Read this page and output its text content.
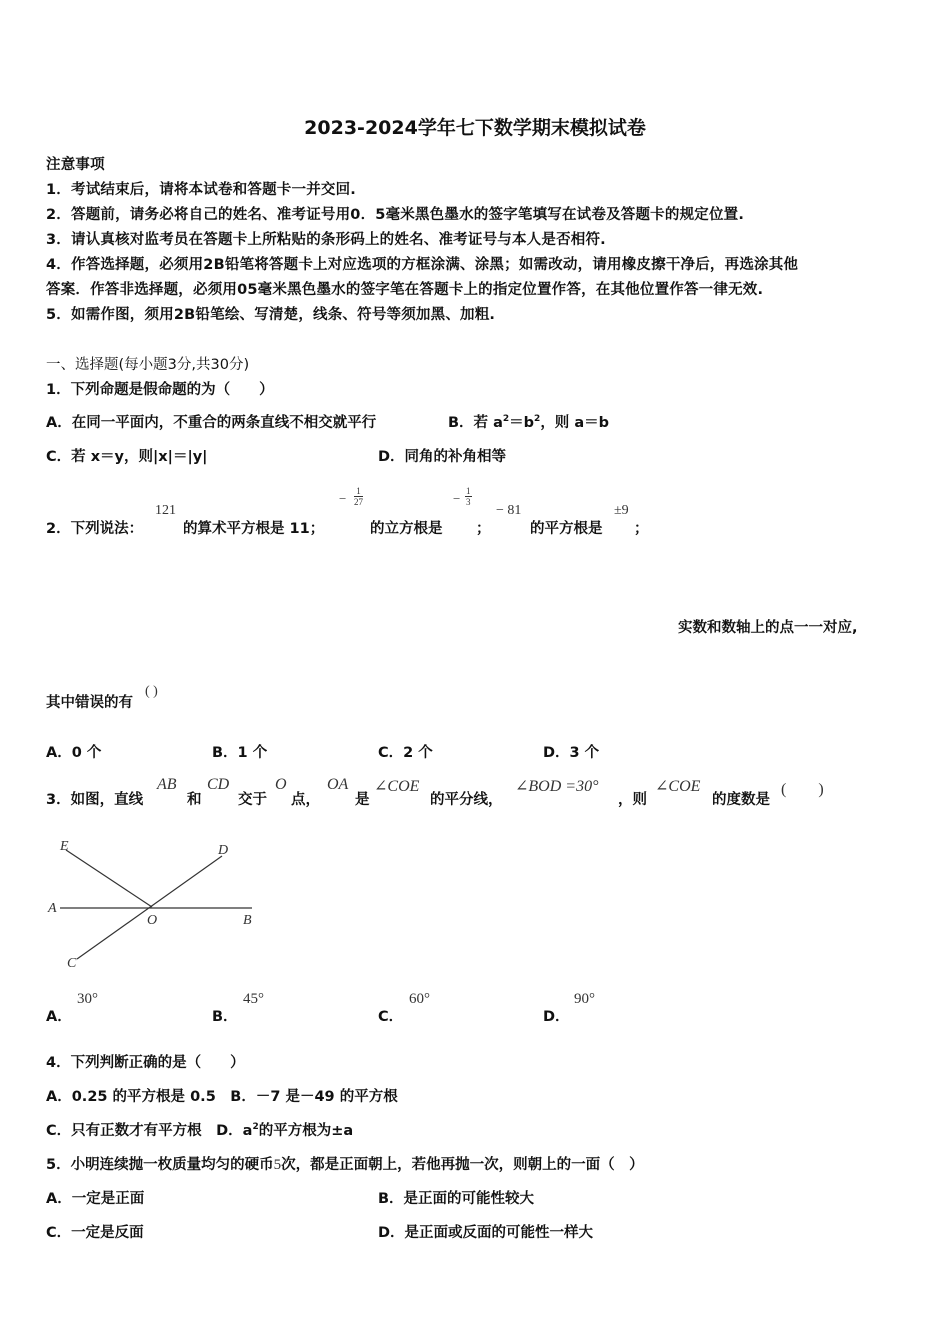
2023-2024学年七下数学期末模拟试卷
注意事项
1．考试结束后，请将本试卷和答题卡一并交回.
2．答题前，请务必将自己的姓名、准考证号用0．5毫米黑色墨水的签字笔填写在试卷及答题卡的规定位置.
3．请认真核对监考员在答题卡上所粘贴的条形码上的姓名、准考证号与本人是否相符.
4．作答选择题，必须用2B铅笔将答题卡上对应选项的方框涂满、涂黑；如需改动，请用橡皮擦干净后，再选涂其他
答案．作答非选择题，必须用05毫米黑色墨水的签字笔在答题卡上的指定位置作答，在其他位置作答一律无效.
5．如需作图，须用2B铅笔绘、写清楚，线条、符号等须加黑、加粗.
一、选择题(每小题3分,共30分)
1．下列命题是假命题的为（　　）
A．在同一平面内，不重合的两条直线不相交就平行	B．若 $a^2=b^2$，则 a＝b
C．若 x＝y，则|x|＝|y|	D．同角的补角相等
2．下列说法：
121
的算术平方根是 11；
− $\frac{1}{27}$
的立方根是
− $\frac{1}{3}$
；
− 81
的平方根是
±9
；
实数和数轴上的点一一对应,
其中错误的有
( )
A．0 个	B．1 个	C．2 个	D．3 个
3．如图，直线
AB
和
CD
交于
O
点，
OA
是
∠COE
的平分线，
∠BOD =30°
，则
∠COE
的度数是
(　　)
E	D
A
O	B
C
A．
30°
B．
45°
C．
60°
D．
90°
4．下列判断正确的是（　　）
A．0.25 的平方根是 0.5　B．－7 是－49 的平方根
C．只有正数才有平方根　D．$a^2$的平方根为±a
5．小明连续抛一枚质量均匀的硬币5次，都是正面朝上，若他再抛一次，则朝上的一面（　）
A．一定是正面	B．是正面的可能性较大
C．一定是反面	D．是正面或反面的可能性一样大
